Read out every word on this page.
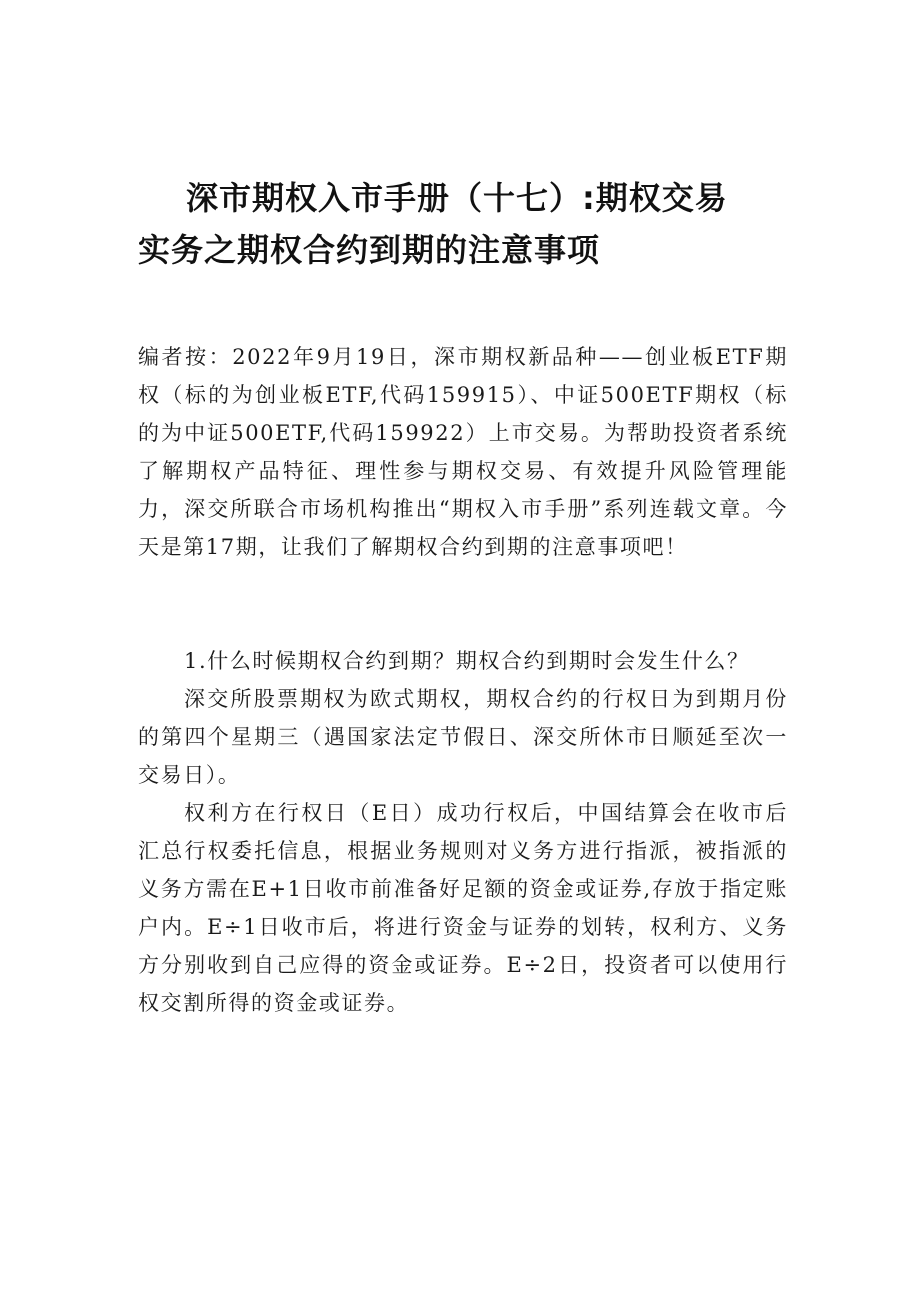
深市期权入市手册（十七）:期权交易
实务之期权合约到期的注意事项

编者按：2022年9月19日，深市期权新品种——创业板ETF期权（标的为创业板ETF,代码159915）、中证500ETF期权（标的为中证500ETF,代码159922）上市交易。为帮助投资者系统了解期权产品特征、理性参与期权交易、有效提升风险管理能力，深交所联合市场机构推出“期权入市手册”系列连载文章。今天是第17期，让我们了解期权合约到期的注意事项吧！

1.什么时候期权合约到期？期权合约到期时会发生什么？

深交所股票期权为欧式期权，期权合约的行权日为到期月份的第四个星期三（遇国家法定节假日、深交所休市日顺延至次一交易日）。

权利方在行权日（E日）成功行权后，中国结算会在收市后汇总行权委托信息，根据业务规则对义务方进行指派，被指派的义务方需在E+1日收市前准备好足额的资金或证券,存放于指定账户内。E÷1日收市后，将进行资金与证券的划转，权利方、义务方分别收到自己应得的资金或证券。E÷2日，投资者可以使用行权交割所得的资金或证券。
